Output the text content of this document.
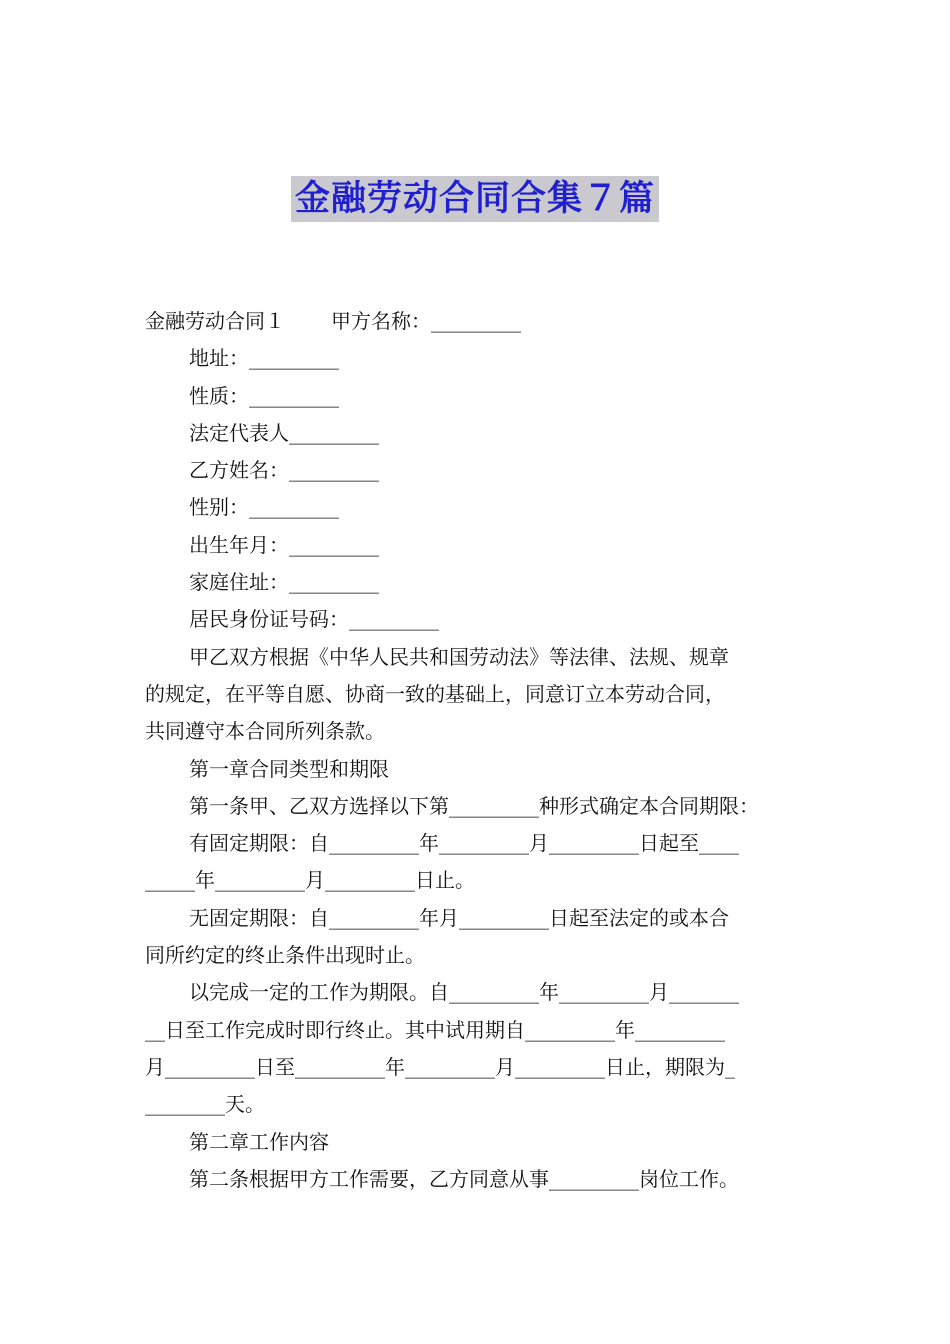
金融劳动合同合集７篇
金融劳动合同１ 甲方名称：_________
地址：_________
性质：_________
法定代表人_________
乙方姓名：_________
性别：_________
出生年月：_________
家庭住址：_________
居民身份证号码：_________
甲乙双方根据《中华人民共和国劳动法》等法律、法规、规章
的规定，在平等自愿、协商一致的基础上，同意订立本劳动合同，
共同遵守本合同所列条款。
第一章合同类型和期限
第一条甲、乙双方选择以下第_________种形式确定本合同期限：
有固定期限：自_________年_________月_________日起至____
_____年_________月_________日止。
无固定期限：自_________年月_________日起至法定的或本合
同所约定的终止条件出现时止。
以完成一定的工作为期限。自_________年_________月_______
__日至工作完成时即行终止。其中试用期自_________年_________
月_________日至_________年_________月_________日止，期限为_
________天。
第二章工作内容
第二条根据甲方工作需要，乙方同意从事_________岗位工作。
